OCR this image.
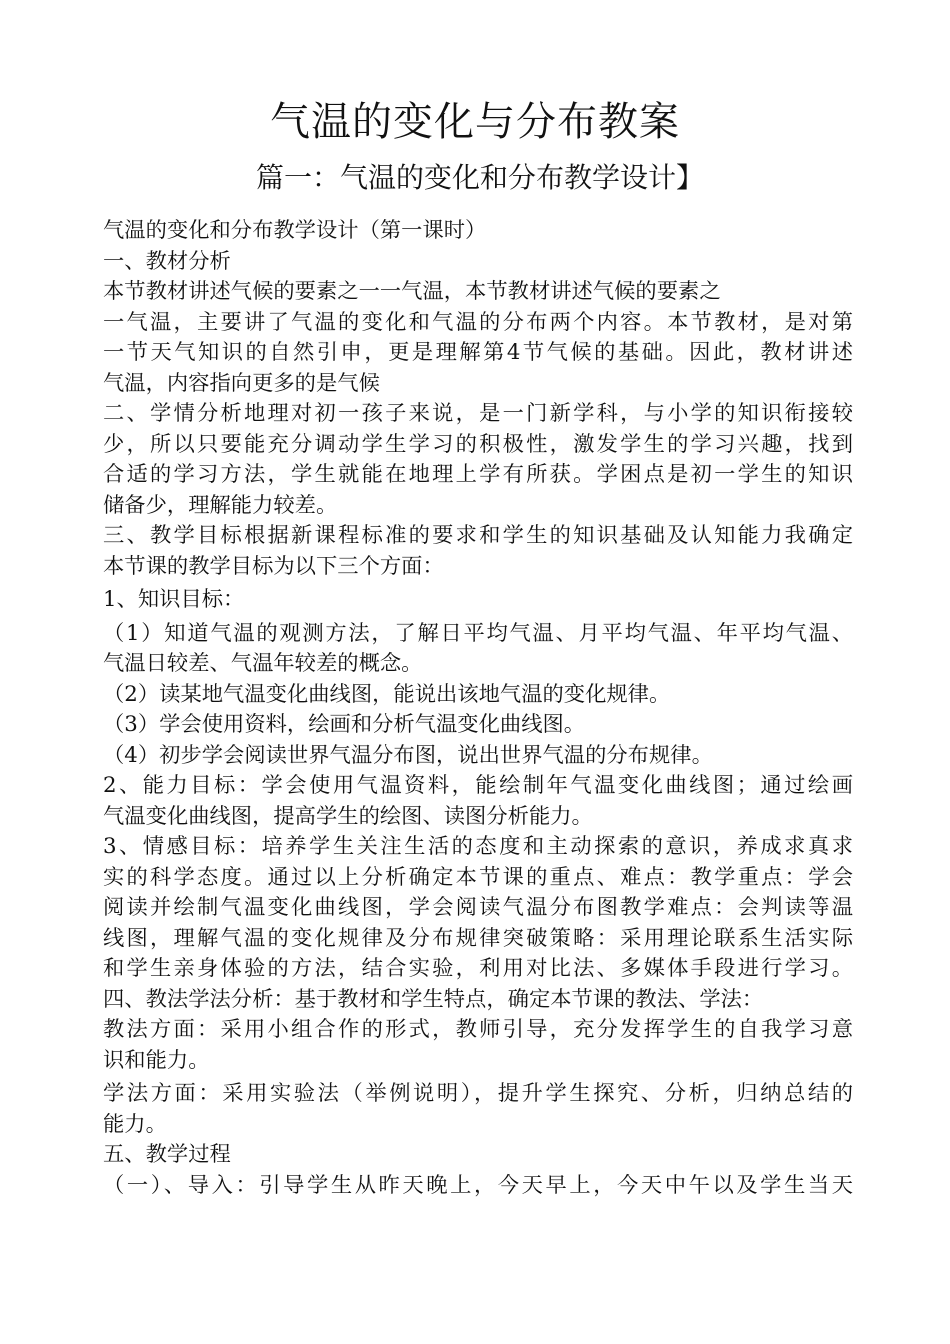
气温的变化与分布教案
篇一：气温的变化和分布教学设计】
气温的变化和分布教学设计（第一课时）
一、教材分析
本节教材讲述气候的要素之一一气温，本节教材讲述气候的要素之
一气温，主要讲了气温的变化和气温的分布两个内容。本节教材，是对第
一节天气知识的自然引申，更是理解第4节气候的基础。因此，教材讲述
气温，内容指向更多的是气候
二、学情分析地理对初一孩子来说，是一门新学科，与小学的知识衔接较
少，所以只要能充分调动学生学习的积极性，激发学生的学习兴趣，找到
合适的学习方法，学生就能在地理上学有所获。学困点是初一学生的知识
储备少，理解能力较差。
三、教学目标根据新课程标准的要求和学生的知识基础及认知能力我确定
本节课的教学目标为以下三个方面：
1、知识目标：
（1）知道气温的观测方法，了解日平均气温、月平均气温、年平均气温、
气温日较差、气温年较差的概念。
（2）读某地气温变化曲线图，能说出该地气温的变化规律。
（3）学会使用资料，绘画和分析气温变化曲线图。
（4）初步学会阅读世界气温分布图，说出世界气温的分布规律。
2、能力目标：学会使用气温资料，能绘制年气温变化曲线图；通过绘画
气温变化曲线图，提高学生的绘图、读图分析能力。
3、情感目标：培养学生关注生活的态度和主动探索的意识，养成求真求
实的科学态度。通过以上分析确定本节课的重点、难点：教学重点：学会
阅读并绘制气温变化曲线图，学会阅读气温分布图教学难点：会判读等温
线图，理解气温的变化规律及分布规律突破策略：采用理论联系生活实际
和学生亲身体验的方法，结合实验，利用对比法、多媒体手段进行学习。
四、教法学法分析：基于教材和学生特点，确定本节课的教法、学法：
教法方面：采用小组合作的形式，教师引导，充分发挥学生的自我学习意
识和能力。
学法方面：采用实验法（举例说明），提升学生探究、分析，归纳总结的
能力。
五、教学过程
（一）、导入：引导学生从昨天晚上，今天早上，今天中午以及学生当天
